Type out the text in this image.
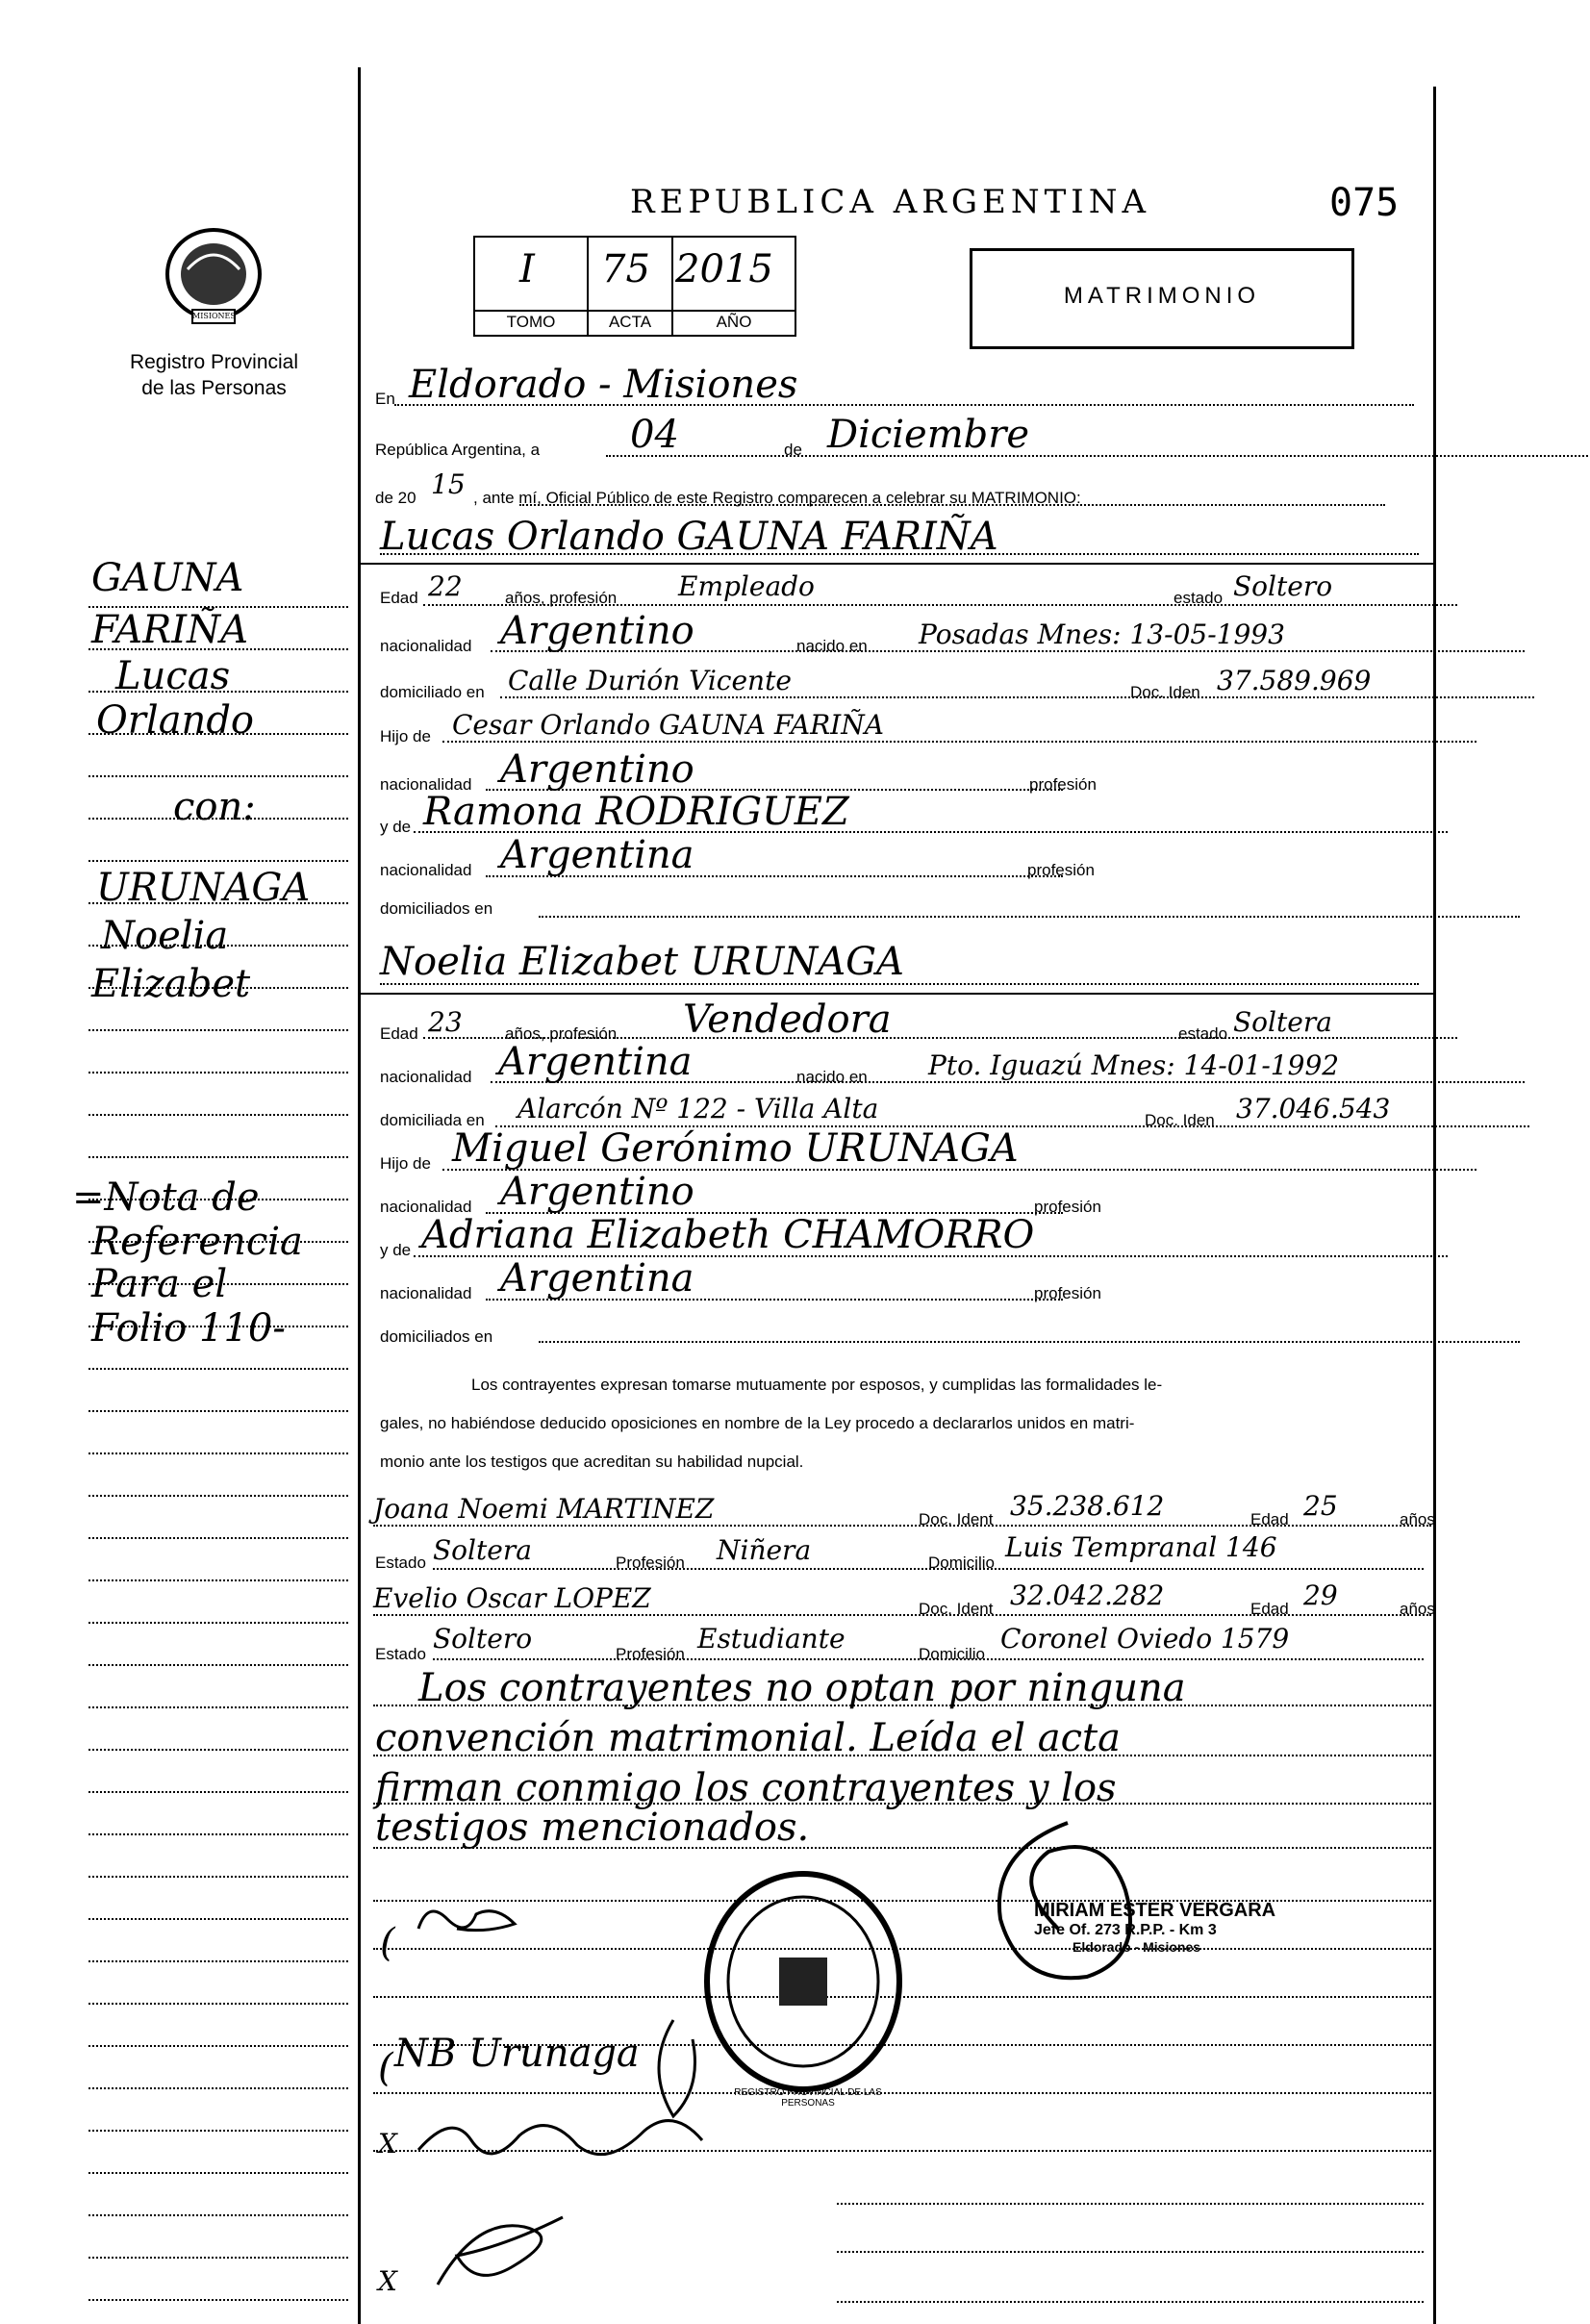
MISIONES
Registro Provincial
de las Personas
GAUNA
FARIÑA
Lucas
Orlando
con:
URUNAGA
Noelia
Elizabet
=Nota de
Referencia
Para el
Folio 110-
REPUBLICA ARGENTINA	075
I 75 2015
TOMO	ACTA	AÑO
MATRIMONIO
En Eldorado - Misiones
República Argentina, a 04	de Diciembre
de 20 15 , ante mí, Oficial Público de este Registro comparecen a celebrar su MATRIMONIO:
Lucas Orlando GAUNA FARIÑA
Edad 22	años, profesión Empleado	estado Soltero
nacionalidad Argentino	nacido en Posadas Mnes: 13-05-1993
domiciliado en Calle Durión Vicente	Doc. Iden 37.589.969
Hijo de Cesar Orlando GAUNA FARIÑA
nacionalidad Argentino	profesión
y de Ramona RODRIGUEZ
nacionalidad Argentina	profesión
domiciliados en
Noelia Elizabet URUNAGA
Edad 23	años, profesión Vendedora	estado Soltera
nacionalidad Argentina	nacido en Pto. Iguazú Mnes: 14-01-1992
domiciliada en Alarcón Nº 122 - Villa Alta	Doc. Iden 37.046.543
Hijo de Miguel Gerónimo URUNAGA
nacionalidad Argentino	profesión
y de Adriana Elizabeth CHAMORRO
nacionalidad Argentina	profesión
domiciliados en
Los contrayentes expresan tomarse mutuamente por esposos, y cumplidas las formalidades le-
gales, no habiéndose deducido oposiciones en nombre de la Ley procedo a declararlos unidos en matri-
monio ante los testigos que acreditan su habilidad nupcial.
Joana Noemi MARTINEZ	Doc. Ident 35.238.612	Edad 25	años
Estado Soltera	Profesión Niñera	Domicilio Luis Tempranal 146
Evelio Oscar LOPEZ	Doc. Ident 32.042.282	Edad 29	años
Estado Soltero	Profesión Estudiante	Domicilio Coronel Oviedo 1579
Los contrayentes no optan por ninguna
convención matrimonial. Leída el acta
firman conmigo los contrayentes y los
testigos mencionados.
(
( NB Urunaga
X
X
REGISTRO PROVINCIAL DE LAS PERSONAS
MIRIAM ESTER VERGARA
Jefe Of. 273 R.P.P. - Km 3
Eldorado - Misiones
